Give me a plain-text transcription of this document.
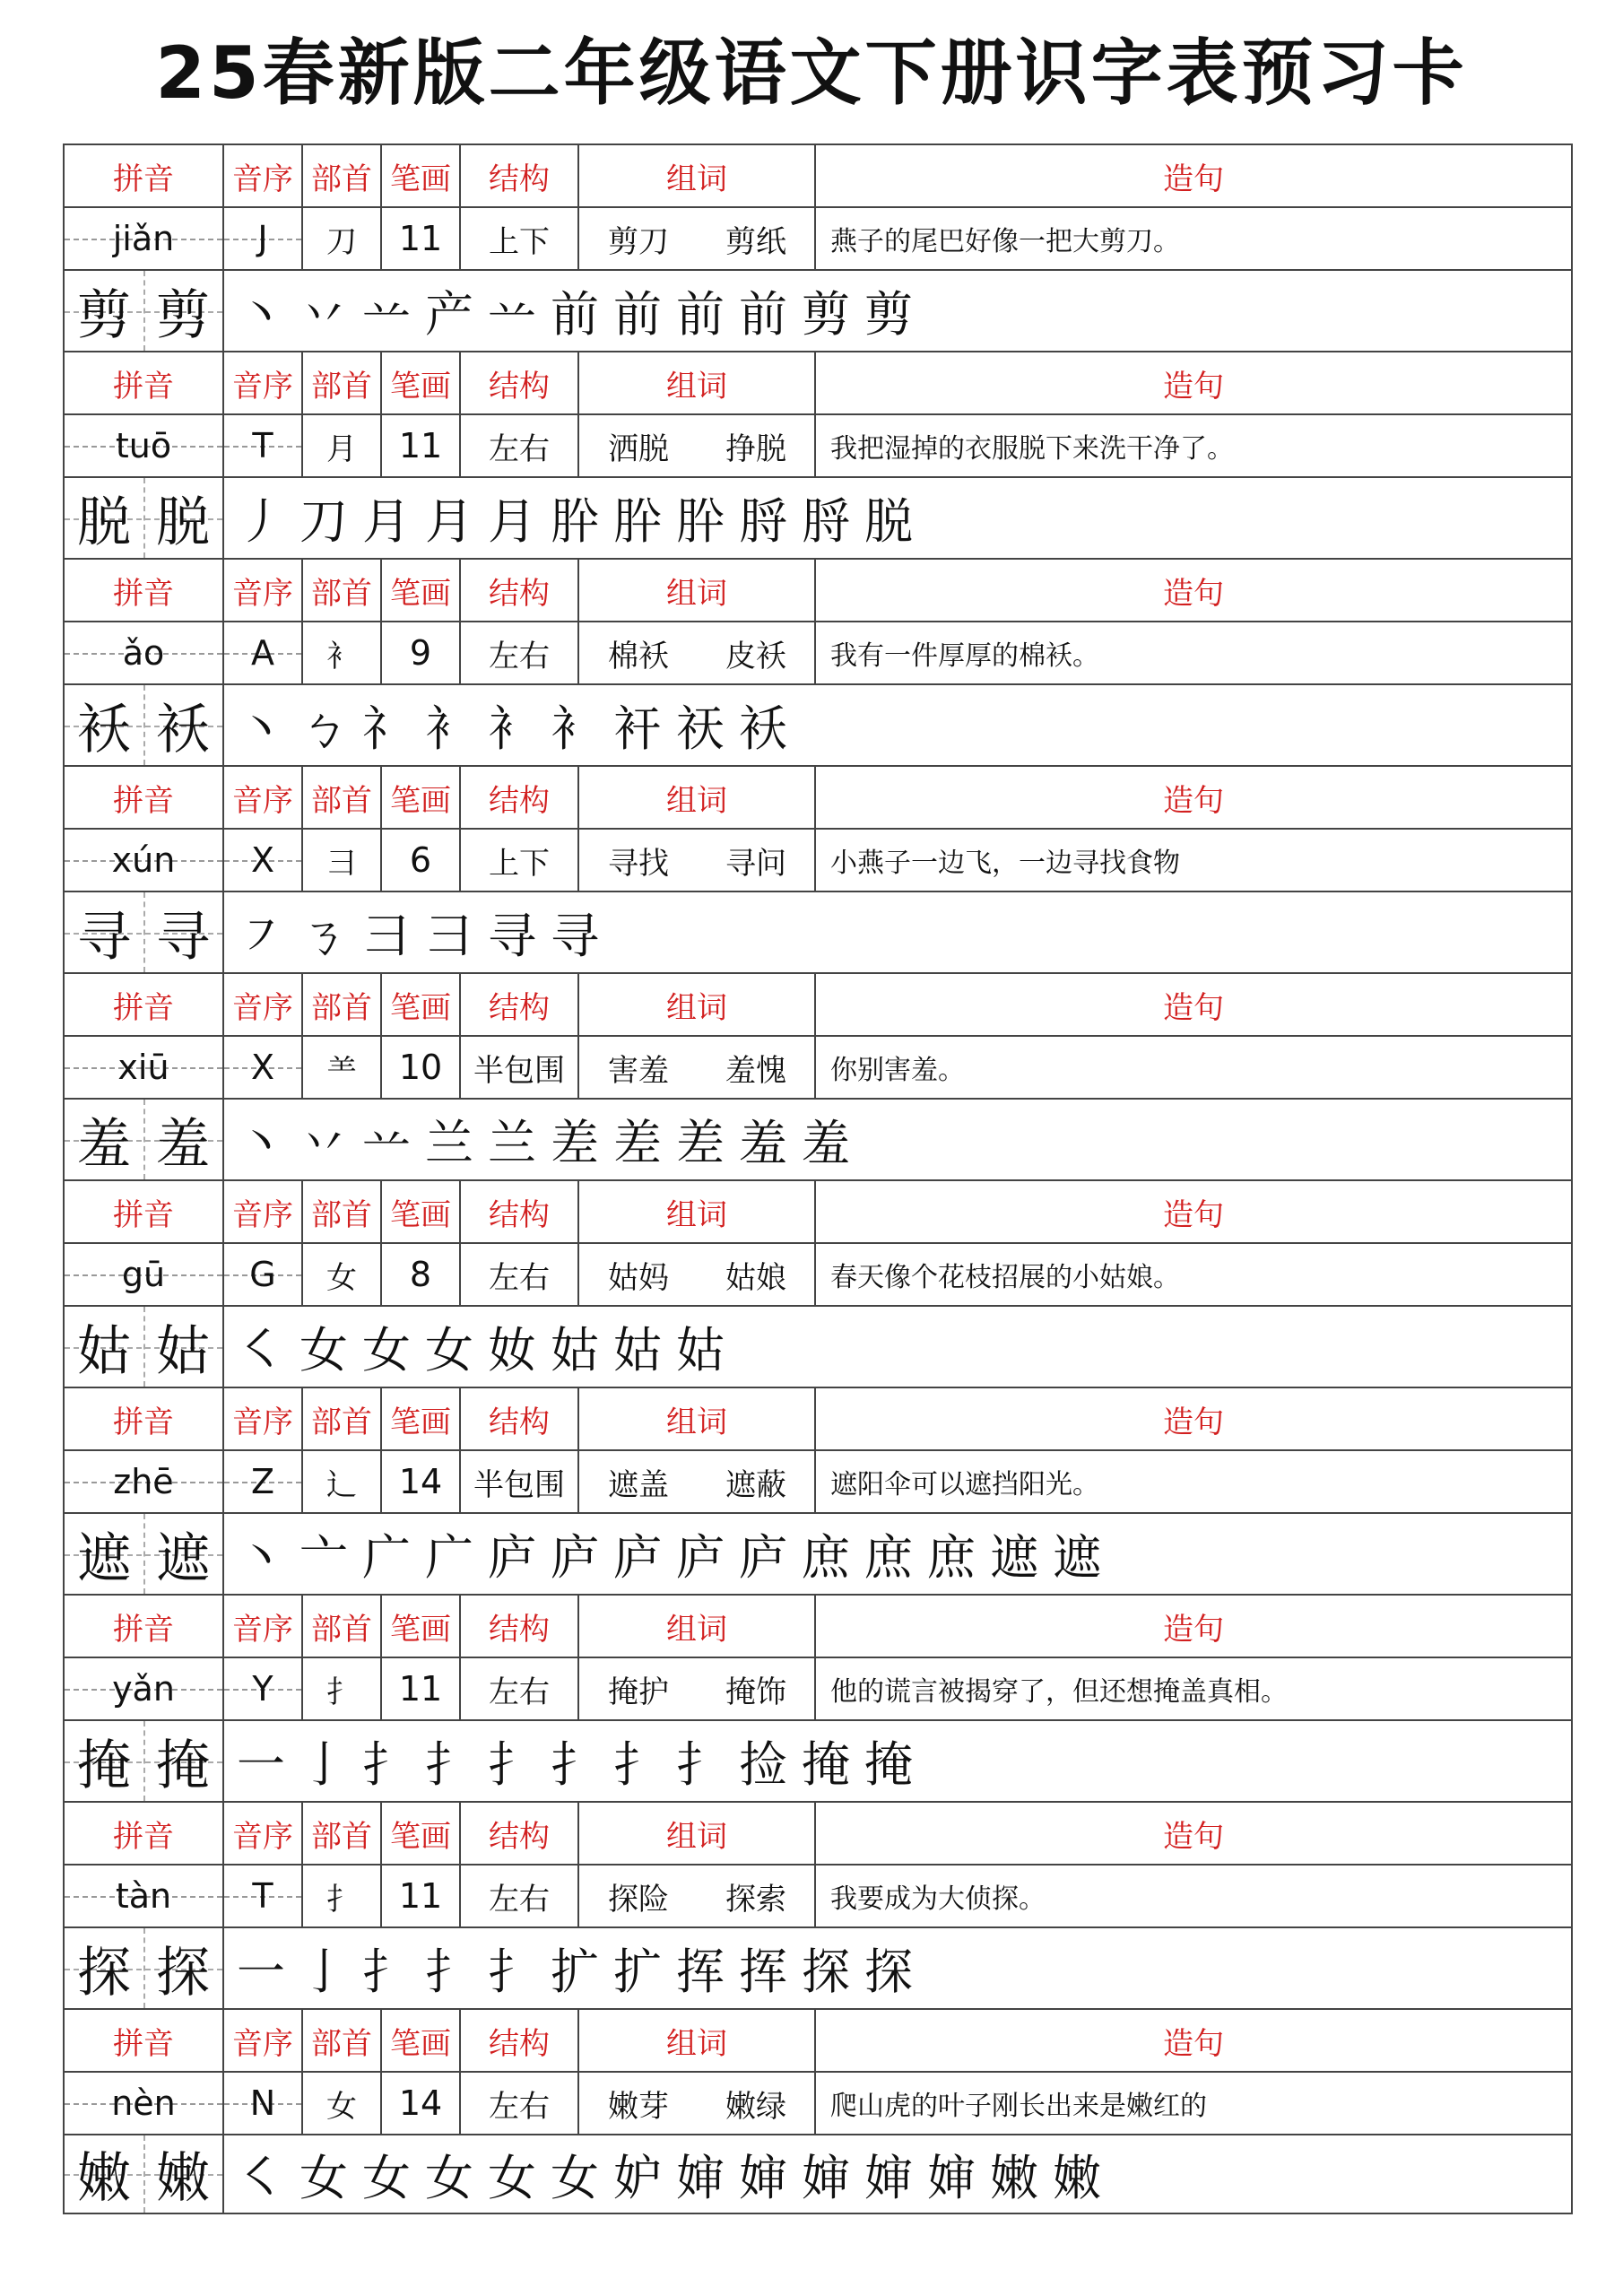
25春新版二年级语文下册识字表预习卡
拼音	音序 部首 笔画	结构	组词	造句
jiǎn J	刀	11	上下	剪刀	剪纸	燕子的尾巴好像一把大剪刀。
剪 剪 丶 丷 䒑 产 䒑 前 前 前 前 剪 剪
拼音	音序 部首 笔画	结构	组词	造句
tuō T	月	11	左右	洒脱	挣脱	我把湿掉的衣服脱下来洗干净了。
脱 脱 丿 刀 月 月 月 肸 肸 肸 脟 脟 脱
拼音	音序 部首 笔画	结构	组词	造句
ǎo	A	衤	9	左右	棉袄	皮袄	我有一件厚厚的棉袄。
袄 袄 丶 ㄅ 礻 衤 衤 衤 衦 祆 袄
拼音	音序 部首 笔画	结构	组词	造句
xún X	彐	6	上下	寻找	寻问	小燕子一边飞，一边寻找食物
寻 寻 ㇇ ㄋ 彐 彐 寻 寻
拼音	音序 部首 笔画	结构	组词	造句
xiū X	⺷	10	半包围	害羞	羞愧	你别害羞。
羞 羞 丶 丷 䒑 兰 兰 差 差 差 羞 羞
拼音	音序 部首 笔画	结构	组词	造句
gū G	女	8	左右	姑妈	姑娘	春天像个花枝招展的小姑娘。
姑 姑 ㇛ 女 女 女 奻 姑 姑 姑
拼音	音序 部首 笔画	结构	组词	造句
zhē Z	辶	14	半包围	遮盖	遮蔽	遮阳伞可以遮挡阳光。
遮 遮 丶 亠 广 广 庐 庐 庐 庐 庐 庶 庶 庶 遮 遮
拼音	音序 部首 笔画	结构	组词	造句
yǎn Y	扌	11	左右	掩护	掩饰	他的谎言被揭穿了，但还想掩盖真相。
掩 掩 一 亅 扌 扌 扌 扌 扌 扌 捡 掩 掩
拼音	音序 部首 笔画	结构	组词	造句
tàn T	扌	11	左右	探险	探索	我要成为大侦探。
探 探 一 亅 扌 扌 扌 扩 扩 挥 挥 探 探
拼音	音序 部首 笔画	结构	组词	造句
nèn N	女	14	左右	嫩芽	嫩绿	爬山虎的叶子刚长出来是嫩红的
嫩 嫩 ㇛ 女 女 女 女 女 妒 婶 婶 婶 婶 婶 嫩 嫩
